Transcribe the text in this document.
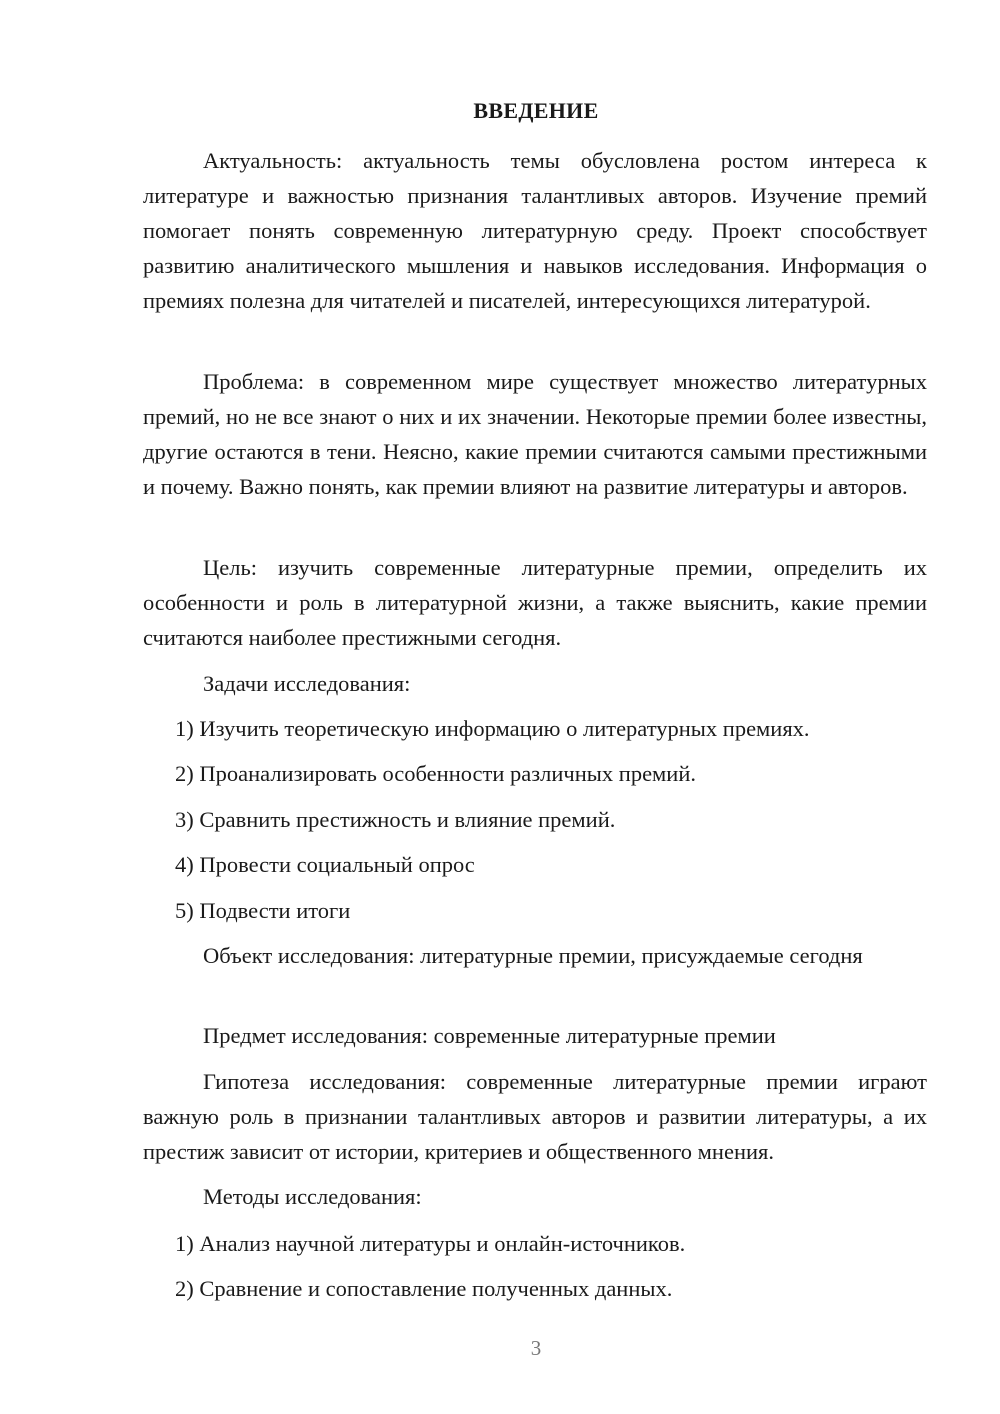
ВВЕДЕНИЕ
Актуальность: актуальность темы обусловлена ростом интереса к литературе и важностью признания талантливых авторов. Изучение премий помогает понять современную литературную среду. Проект способствует развитию аналитического мышления и навыков исследования. Информация о премиях полезна для читателей и писателей, интересующихся литературой.
Проблема: в современном мире существует множество литературных премий, но не все знают о них и их значении. Некоторые премии более известны, другие остаются в тени. Неясно, какие премии считаются самыми престижными и почему. Важно понять, как премии влияют на развитие литературы и авторов.
Цель: изучить современные литературные премии, определить их особенности и роль в литературной жизни, а также выяснить, какие премии считаются наиболее престижными сегодня.
Задачи исследования:
1) Изучить теоретическую информацию о литературных премиях.
2) Проанализировать особенности различных премий.
3) Сравнить престижность и влияние премий.
4) Провести социальный опрос
5) Подвести итоги
Объект исследования: литературные премии, присуждаемые сегодня
Предмет исследования: современные литературные премии
Гипотеза исследования: современные литературные премии играют важную роль в признании талантливых авторов и развитии литературы, а их престиж зависит от истории, критериев и общественного мнения.
Методы исследования:
1) Анализ научной литературы и онлайн-источников.
2) Сравнение и сопоставление полученных данных.
3
